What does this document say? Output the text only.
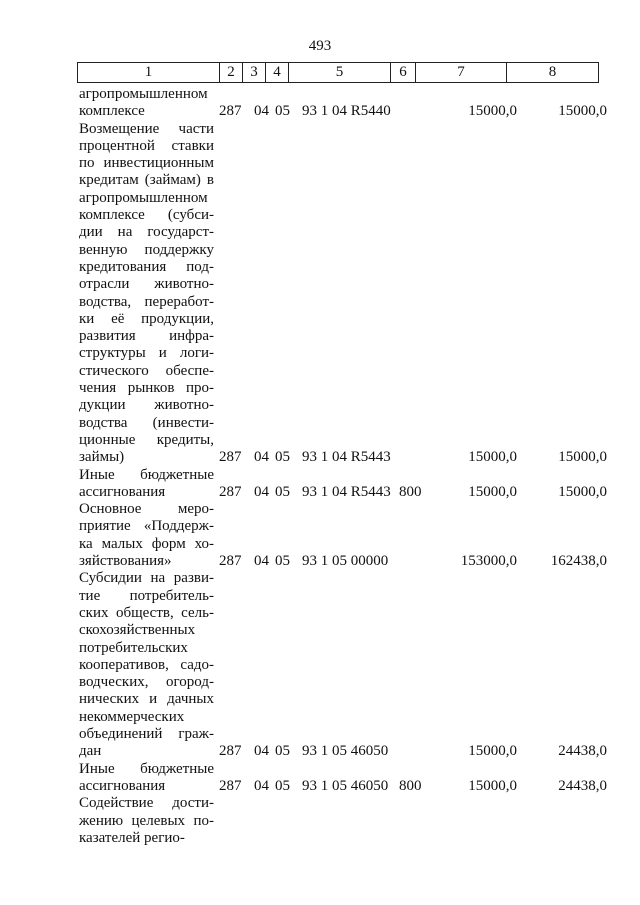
493
1	2	3	4	5	6	7	8
агропромышленном
комплексе	287 04 05 93 1 04 R5440	15000,0	15000,0
Возмещение части
процентной ставки
по инвестиционным
кредитам (займам) в
агропромышленном
комплексе (субси-
дии на государст-
венную поддержку
кредитования под-
отрасли животно-
водства, переработ-
ки её продукции,
развития инфра-
структуры и логи-
стического обеспе-
чения рынков про-
дукции животно-
водства (инвести-
ционные кредиты,
займы)	287 04 05 93 1 04 R5443	15000,0	15000,0
Иные бюджетные
ассигнования	287 04 05 93 1 04 R5443 800	15000,0	15000,0
Основное меро-
приятие «Поддерж-
ка малых форм хо-
зяйствования»	287 04 05 93 1 05 00000	153000,0 162438,0
Субсидии на разви-
тие потребитель-
ских обществ, сель-
скохозяйственных
потребительских
кооперативов, садо-
водческих, огород-
нических и дачных
некоммерческих
объединений граж-
дан	287 04 05 93 1 05 46050	15000,0	24438,0
Иные бюджетные
ассигнования	287 04 05 93 1 05 46050 800	15000,0	24438,0
Содействие дости-
жению целевых по-
казателей регио-
